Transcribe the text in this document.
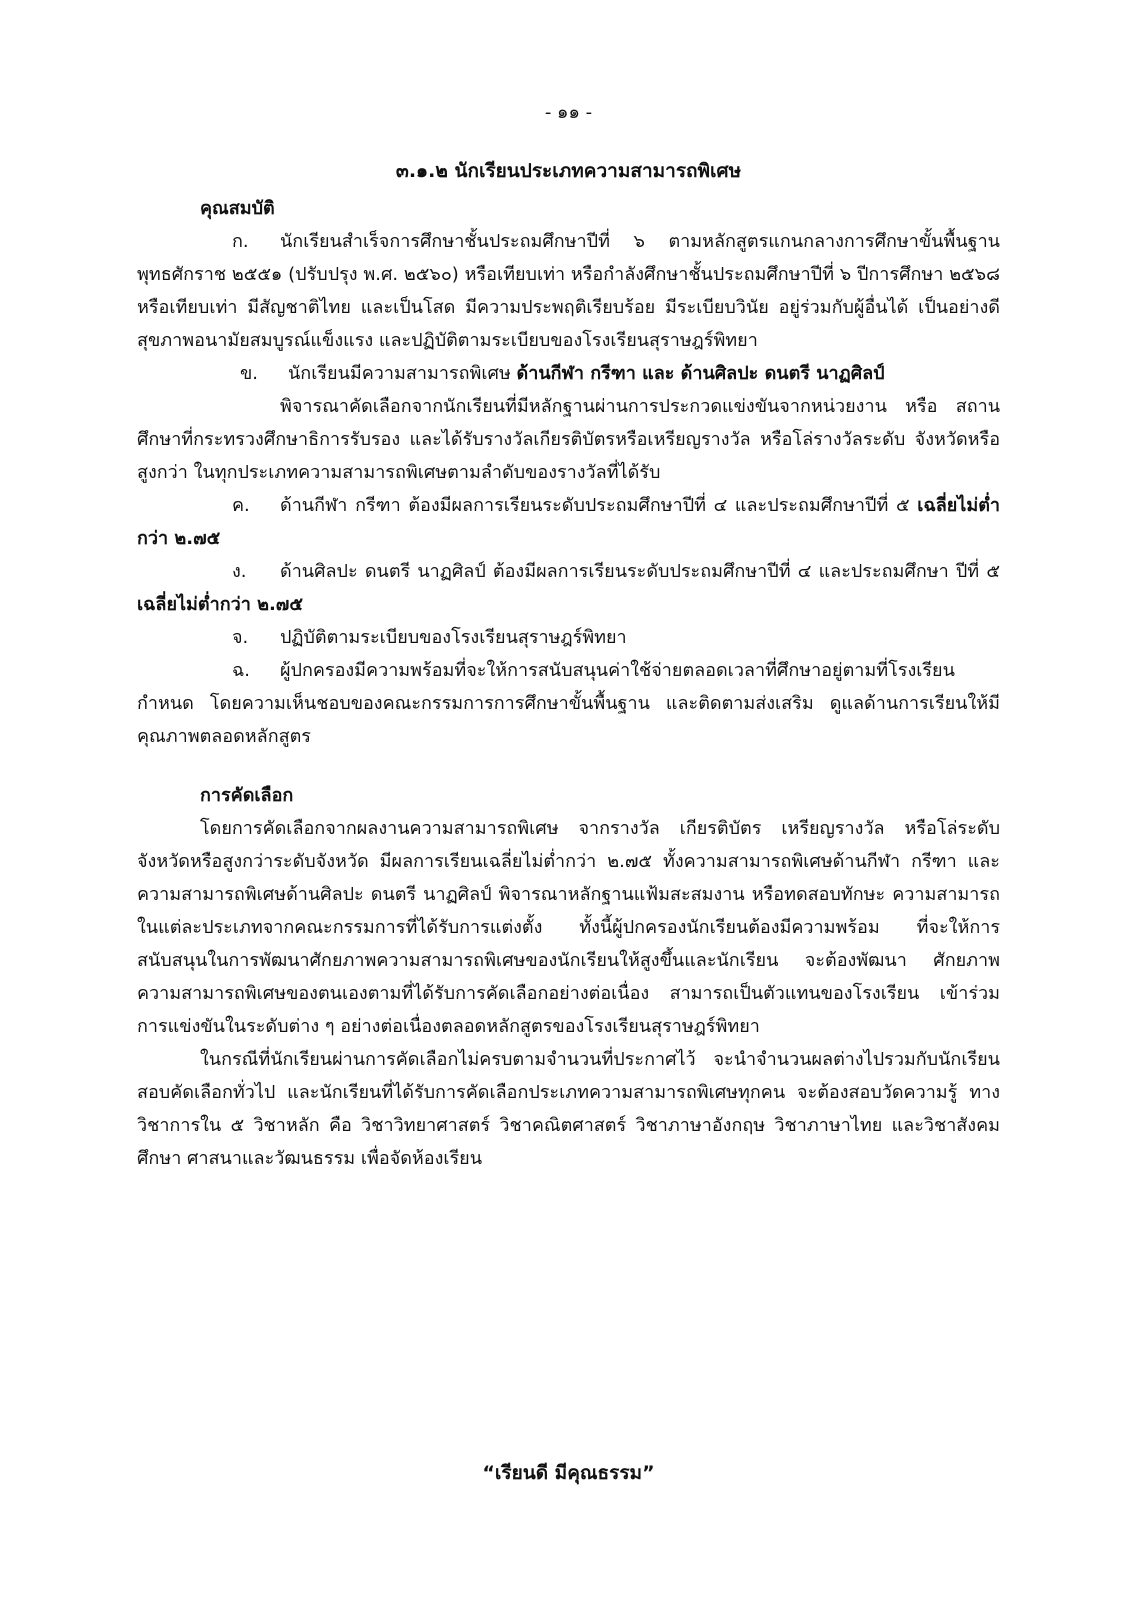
- ๑๑ -
๓.๑.๒ นักเรียนประเภทความสามารถพิเศษ
คุณสมบัติ

ก. นักเรียนสำเร็จการศึกษาชั้นประถมศึกษาปีที่ ๖ ตามหลักสูตรแกนกลางการศึกษาขั้นพื้นฐาน พุทธศักราช ๒๕๕๑ (ปรับปรุง พ.ศ. ๒๕๖๐) หรือเทียบเท่า หรือกำลังศึกษาชั้นประถมศึกษาปีที่ ๖ ปีการศึกษา ๒๕๖๘ หรือเทียบเท่า มีสัญชาติไทย และเป็นโสด มีความประพฤติเรียบร้อย มีระเบียบวินัย อยู่ร่วมกับผู้อื่นได้ เป็นอย่างดี สุขภาพอนามัยสมบูรณ์แข็งแรง และปฏิบัติตามระเบียบของโรงเรียนสุราษฎร์พิทยา

ข. นักเรียนมีความสามารถพิเศษ ด้านกีฬา กรีฑา และ ด้านศิลปะ ดนตรี นาฏศิลป์

พิจารณาคัดเลือกจากนักเรียนที่มีหลักฐานผ่านการประกวดแข่งขันจากหน่วยงาน หรือ สถานศึกษาที่กระทรวงศึกษาธิการรับรอง และได้รับรางวัลเกียรติบัตรหรือเหรียญรางวัล หรือโล่รางวัลระดับ จังหวัดหรือสูงกว่า ในทุกประเภทความสามารถพิเศษตามลำดับของรางวัลที่ได้รับ

ค. ด้านกีฬา กรีฑา ต้องมีผลการเรียนระดับประถมศึกษาปีที่ ๔ และประถมศึกษาปีที่ ๕ เฉลี่ยไม่ต่ำกว่า ๒.๗๕

ง. ด้านศิลปะ ดนตรี นาฏศิลป์ ต้องมีผลการเรียนระดับประถมศึกษาปีที่ ๔ และประถมศึกษา ปีที่ ๕ เฉลี่ยไม่ต่ำกว่า ๒.๗๕

จ. ปฏิบัติตามระเบียบของโรงเรียนสุราษฎร์พิทยา

ฉ. ผู้ปกครองมีความพร้อมที่จะให้การสนับสนุนค่าใช้จ่ายตลอดเวลาที่ศึกษาอยู่ตามที่โรงเรียน กำหนด โดยความเห็นชอบของคณะกรรมการการศึกษาขั้นพื้นฐาน และติดตามส่งเสริม ดูแลด้านการเรียนให้มี คุณภาพตลอดหลักสูตร

การคัดเลือก

โดยการคัดเลือกจากผลงานความสามารถพิเศษ จากรางวัล เกียรติบัตร เหรียญรางวัล หรือโล่ระดับ จังหวัดหรือสูงกว่าระดับจังหวัด มีผลการเรียนเฉลี่ยไม่ต่ำกว่า ๒.๗๕ ทั้งความสามารถพิเศษด้านกีฬา กรีฑา และความสามารถพิเศษด้านศิลปะ ดนตรี นาฏศิลป์ พิจารณาหลักฐานแฟ้มสะสมงาน หรือทดสอบทักษะ ความสามารถในแต่ละประเภทจากคณะกรรมการที่ได้รับการแต่งตั้ง ทั้งนี้ผู้ปกครองนักเรียนต้องมีความพร้อม ที่จะให้การสนับสนุนในการพัฒนาศักยภาพความสามารถพิเศษของนักเรียนให้สูงขึ้นและนักเรียน จะต้องพัฒนา ศักยภาพความสามารถพิเศษของตนเองตามที่ได้รับการคัดเลือกอย่างต่อเนื่อง สามารถเป็นตัวแทนของโรงเรียน เข้าร่วมการแข่งขันในระดับต่าง ๆ อย่างต่อเนื่องตลอดหลักสูตรของโรงเรียนสุราษฎร์พิทยา

ในกรณีที่นักเรียนผ่านการคัดเลือกไม่ครบตามจำนวนที่ประกาศไว้ จะนำจำนวนผลต่างไปรวมกับนักเรียน สอบคัดเลือกทั่วไป และนักเรียนที่ได้รับการคัดเลือกประเภทความสามารถพิเศษทุกคน จะต้องสอบวัดความรู้ ทางวิชาการใน ๕ วิชาหลัก คือ วิชาวิทยาศาสตร์ วิชาคณิตศาสตร์ วิชาภาษาอังกฤษ วิชาภาษาไทย และวิชาสังคม ศึกษา ศาสนาและวัฒนธรรม เพื่อจัดห้องเรียน

“เรียนดี มีคุณธรรม”
